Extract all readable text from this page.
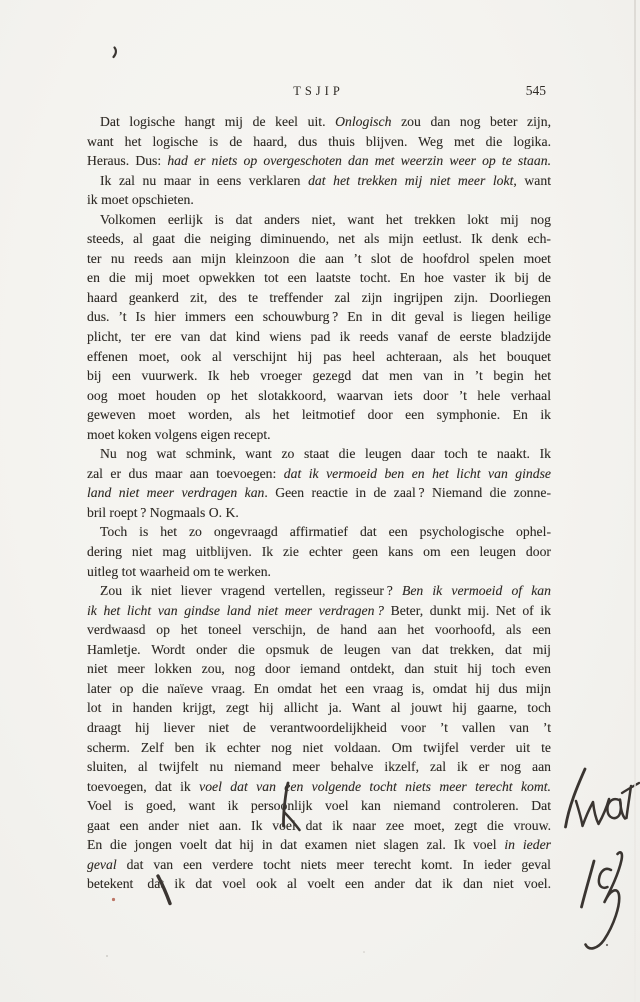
TSJIP	545
Dat logische hangt mij de keel uit. Onlogisch zou dan nog beter zijn,
want het logische is de haard, dus thuis blijven. Weg met die logika.
Heraus. Dus: had er niets op overgeschoten dan met weerzin weer op te staan.
Ik zal nu maar in eens verklaren dat het trekken mij niet meer lokt, want
ik moet opschieten.
Volkomen eerlijk is dat anders niet, want het trekken lokt mij nog
steeds, al gaat die neiging diminuendo, net als mijn eetlust. Ik denk ech-
ter nu reeds aan mijn kleinzoon die aan ’t slot de hoofdrol spelen moet
en die mij moet opwekken tot een laatste tocht. En hoe vaster ik bij de
haard geankerd zit, des te treffender zal zijn ingrijpen zijn. Doorliegen
dus. ’t Is hier immers een schouwburg ? En in dit geval is liegen heilige
plicht, ter ere van dat kind wiens pad ik reeds vanaf de eerste bladzijde
effenen moet, ook al verschijnt hij pas heel achteraan, als het bouquet
bij een vuurwerk. Ik heb vroeger gezegd dat men van in ’t begin het
oog moet houden op het slotakkoord, waarvan iets door ’t hele verhaal
geweven moet worden, als het leitmotief door een symphonie. En ik
moet koken volgens eigen recept.
Nu nog wat schmink, want zo staat die leugen daar toch te naakt. Ik
zal er dus maar aan toevoegen: dat ik vermoeid ben en het licht van gindse
land niet meer verdragen kan. Geen reactie in de zaal ? Niemand die zonne-
bril roept ? Nogmaals O. K.
Toch is het zo ongevraagd affirmatief dat een psychologische ophel-
dering niet mag uitblijven. Ik zie echter geen kans om een leugen door
uitleg tot waarheid om te werken.
Zou ik niet liever vragend vertellen, regisseur ? Ben ik vermoeid of kan
ik het licht van gindse land niet meer verdragen ? Beter, dunkt mij. Net of ik
verdwaasd op het toneel verschijn, de hand aan het voorhoofd, als een
Hamletje. Wordt onder die opsmuk de leugen van dat trekken, dat mij
niet meer lokken zou, nog door iemand ontdekt, dan stuit hij toch even
later op die naïeve vraag. En omdat het een vraag is, omdat hij dus mijn
lot in handen krijgt, zegt hij allicht ja. Want al jouwt hij gaarne, toch
draagt hij liever niet de verantwoordelijkheid voor ’t vallen van ’t
scherm. Zelf ben ik echter nog niet voldaan. Om twijfel verder uit te
sluiten, al twijfelt nu niemand meer behalve ikzelf, zal ik er nog aan
toevoegen, dat ik voel dat van een volgende tocht niets meer terecht komt.
Voel is goed, want ik persoonlijk voel kan niemand controleren. Dat
gaat een ander niet aan. Ik voel dat ik naar zee moet, zegt die vrouw.
En die jongen voelt dat hij in dat examen niet slagen zal. Ik voel in ieder
geval dat van een verdere tocht niets meer terecht komt. In ieder geval
betekent dat ik dat voel ook al voelt een ander dat ik dan niet voel.
